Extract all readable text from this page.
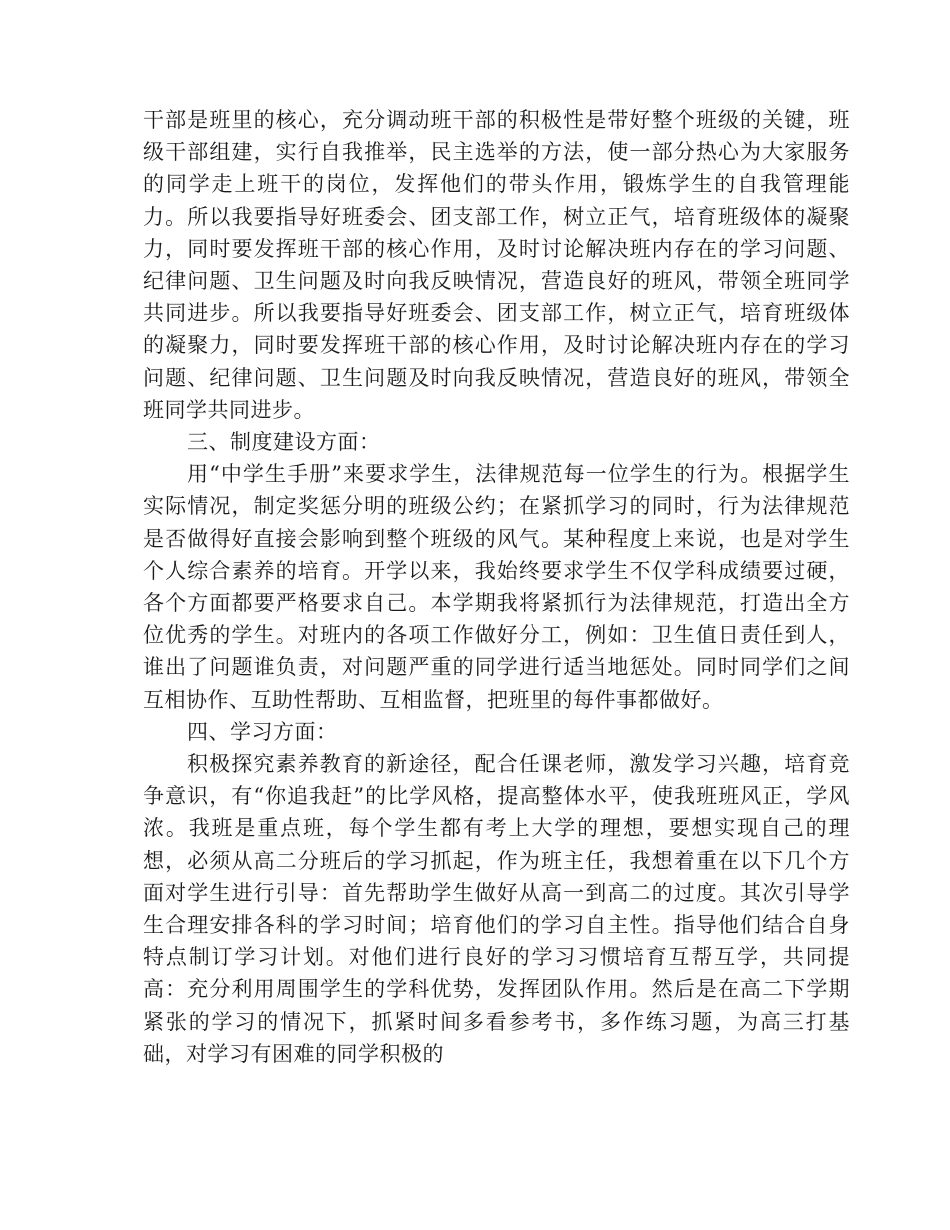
干部是班里的核心，充分调动班干部的积极性是带好整个班级的关键，班级干部组建，实行自我推举，民主选举的方法，使一部分热心为大家服务的同学走上班干的岗位，发挥他们的带头作用，锻炼学生的自我管理能力。所以我要指导好班委会、团支部工作，树立正气，培育班级体的凝聚力，同时要发挥班干部的核心作用，及时讨论解决班内存在的学习问题、纪律问题、卫生问题及时向我反映情况，营造良好的班风，带领全班同学共同进步。所以我要指导好班委会、团支部工作，树立正气，培育班级体的凝聚力，同时要发挥班干部的核心作用，及时讨论解决班内存在的学习问题、纪律问题、卫生问题及时向我反映情况，营造良好的班风，带领全班同学共同进步。

三、制度建设方面：

用“中学生手册”来要求学生，法律规范每一位学生的行为。根据学生实际情况，制定奖惩分明的班级公约；在紧抓学习的同时，行为法律规范是否做得好直接会影响到整个班级的风气。某种程度上来说，也是对学生个人综合素养的培育。开学以来，我始终要求学生不仅学科成绩要过硬，各个方面都要严格要求自己。本学期我将紧抓行为法律规范，打造出全方位优秀的学生。对班内的各项工作做好分工，例如：卫生值日责任到人，谁出了问题谁负责，对问题严重的同学进行适当地惩处。同时同学们之间互相协作、互助性帮助、互相监督，把班里的每件事都做好。

四、学习方面：

积极探究素养教育的新途径，配合任课老师，激发学习兴趣，培育竞争意识，有“你追我赶”的比学风格，提高整体水平，使我班班风正，学风浓。我班是重点班，每个学生都有考上大学的理想，要想实现自己的理想，必须从高二分班后的学习抓起，作为班主任，我想着重在以下几个方面对学生进行引导：首先帮助学生做好从高一到高二的过度。其次引导学生合理安排各科的学习时间；培育他们的学习自主性。指导他们结合自身特点制订学习计划。对他们进行良好的学习习惯培育互帮互学，共同提高：充分利用周围学生的学科优势，发挥团队作用。然后是在高二下学期紧张的学习的情况下，抓紧时间多看参考书，多作练习题，为高三打基础，对学习有困难的同学积极的
